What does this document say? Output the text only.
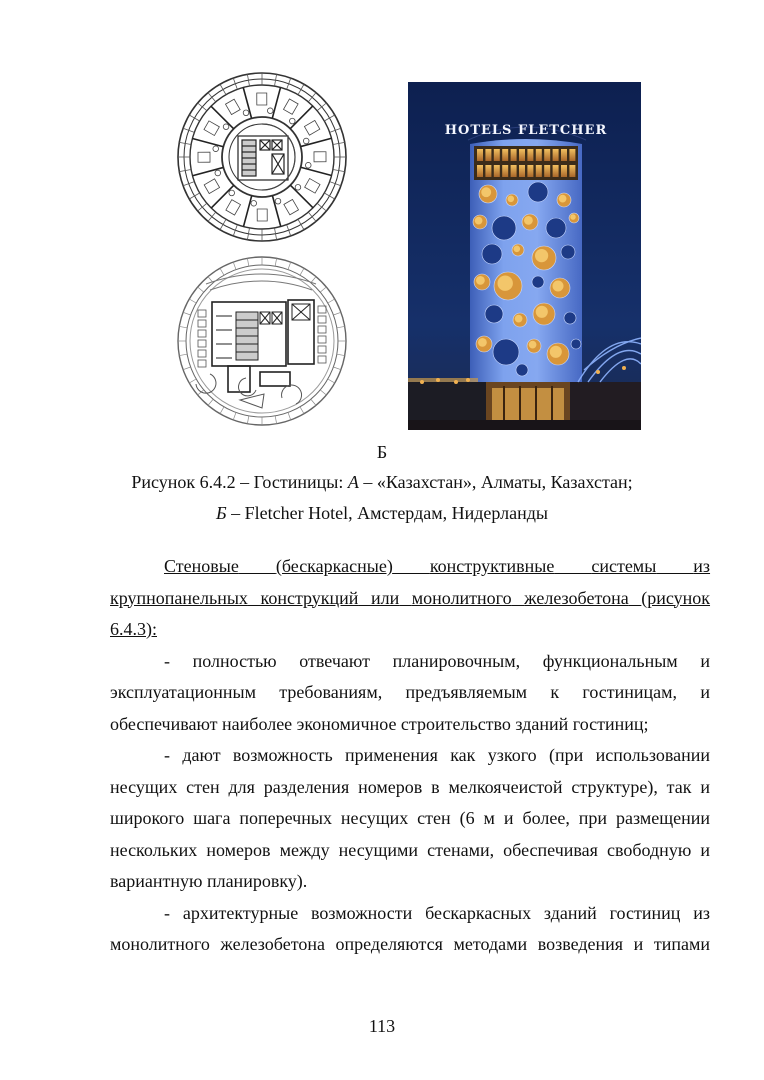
HOTELS FLETCHER
Б
Рисунок 6.4.2 – Гостиницы: А – «Казахстан», Алматы, Казахстан;
Б – Fletcher Hotel, Амстердам, Нидерланды
Стеновые (бескаркасные) конструктивные системы из
крупнопанельных конструкций или монолитного железобетона (рисунок
6.4.3):

- полностью отвечают планировочным, функциональным и эксплуатационным требованиям, предъявляемым к гостиницам, и обеспечивают наиболее экономичное строительство зданий гостиниц;

- дают возможность применения как узкого (при использовании несущих стен для разделения номеров в мелкоячеистой структуре), так и широкого шага поперечных несущих стен (6 м и более, при размещении нескольких номеров между несущими стенами, обеспечивая свободную и вариантную планировку).

- архитектурные возможности бескаркасных зданий гостиниц из монолитного железобетона определяются методами возведения и типами

113
